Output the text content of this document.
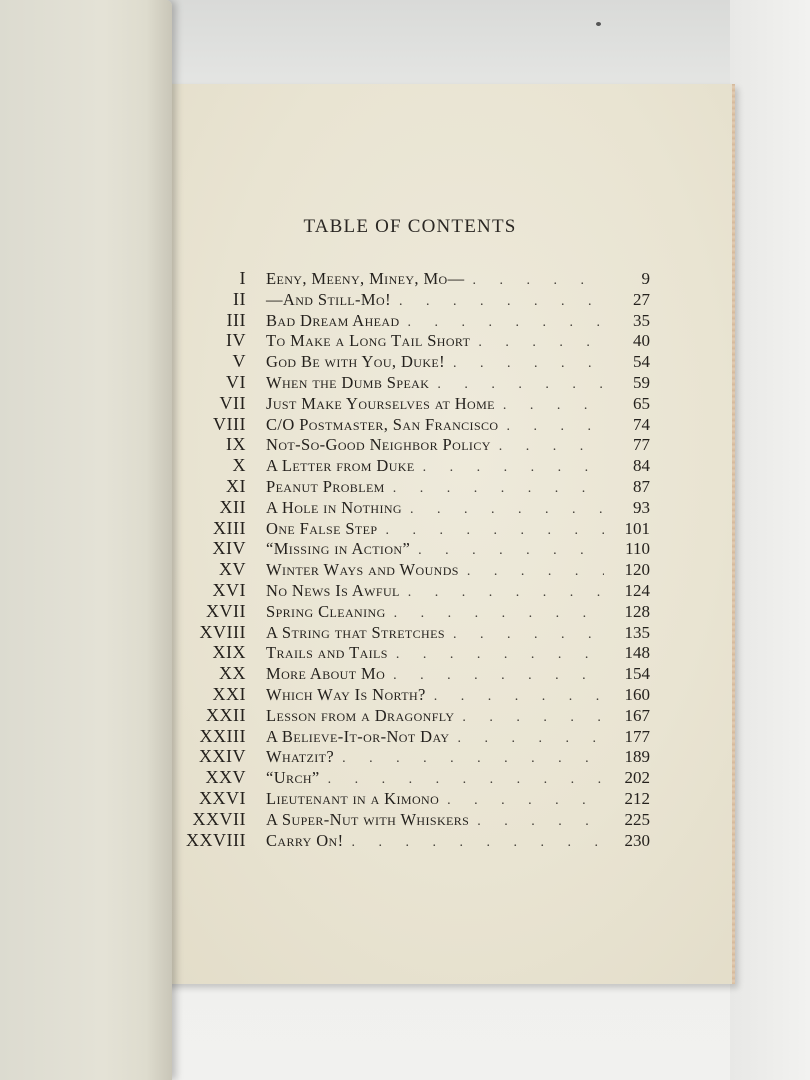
TABLE OF CONTENTS
I	Eeny, Meeny, Miney, Mo— . . .	9
II	—And Still-Mo! . . .	27
III	Bad Dream Ahead . . .	35
IV	To Make a Long Tail Short . . .	40
V	God Be with You, Duke! . . .	54
VI	When the Dumb Speak . . .	59
VII	Just Make Yourselves at Home . . .	65
VIII	C/O Postmaster, San Francisco . . .	74
IX	Not-So-Good Neighbor Policy . . .	77
X	A Letter from Duke . . .	84
XI	Peanut Problem . . .	87
XII	A Hole in Nothing . . .	93
XIII	One False Step . . .	101
XIV	“Missing in Action” . . .	110
XV	Winter Ways and Wounds . . .	120
XVI	No News Is Awful . . .	124
XVII	Spring Cleaning . . .	128
XVIII	A String that Stretches . . .	135
XIX	Trails and Tails . . .	148
XX	More About Mo . . .	154
XXI	Which Way Is North? . . .	160
XXII	Lesson from a Dragonfly . . .	167
XXIII	A Believe-It-or-Not Day . . .	177
XXIV	Whatzit? . . .	189
XXV	“Urch” . . .	202
XXVI	Lieutenant in a Kimono . . .	212
XXVII	A Super-Nut with Whiskers . . .	225
XXVIII	Carry On! . . .	230
